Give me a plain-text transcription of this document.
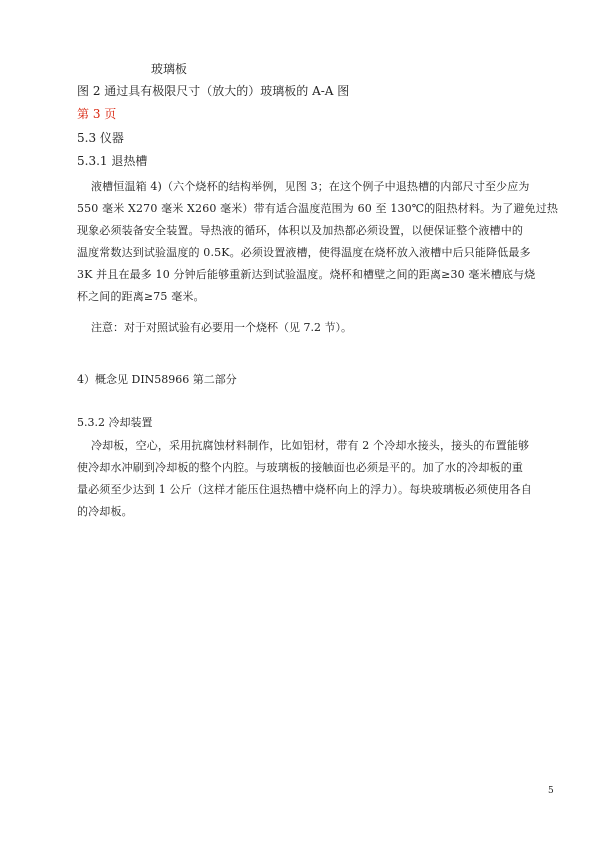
玻璃板
图 2 通过具有极限尺寸（放大的）玻璃板的 A-A 图
第 3 页
5.3 仪器
5.3.1 退热槽
液槽恒温箱 4)（六个烧杯的结构举例，见图 3；在这个例子中退热槽的内部尺寸至少应为
550 毫米 X270 毫米 X260 毫米）带有适合温度范围为 60 至 130℃的阻热材料。为了避免过热
现象必须装备安全装置。导热液的循环，体积以及加热都必须设置，以便保证整个液槽中的
温度常数达到试验温度的 0.5K。必须设置液槽，使得温度在烧杯放入液槽中后只能降低最多
3K 并且在最多 10 分钟后能够重新达到试验温度。烧杯和槽壁之间的距离≥30 毫米槽底与烧
杯之间的距离≥75 毫米。
注意：对于对照试验有必要用一个烧杯（见 7.2 节）。
4）概念见 DIN58966 第二部分
5.3.2 冷却装置
冷却板，空心，采用抗腐蚀材料制作，比如铝材，带有 2 个冷却水接头，接头的布置能够
使冷却水冲刷到冷却板的整个内腔。与玻璃板的接触面也必须是平的。加了水的冷却板的重
量必须至少达到 1 公斤（这样才能压住退热槽中烧杯向上的浮力）。每块玻璃板必须使用各自
的冷却板。
5
